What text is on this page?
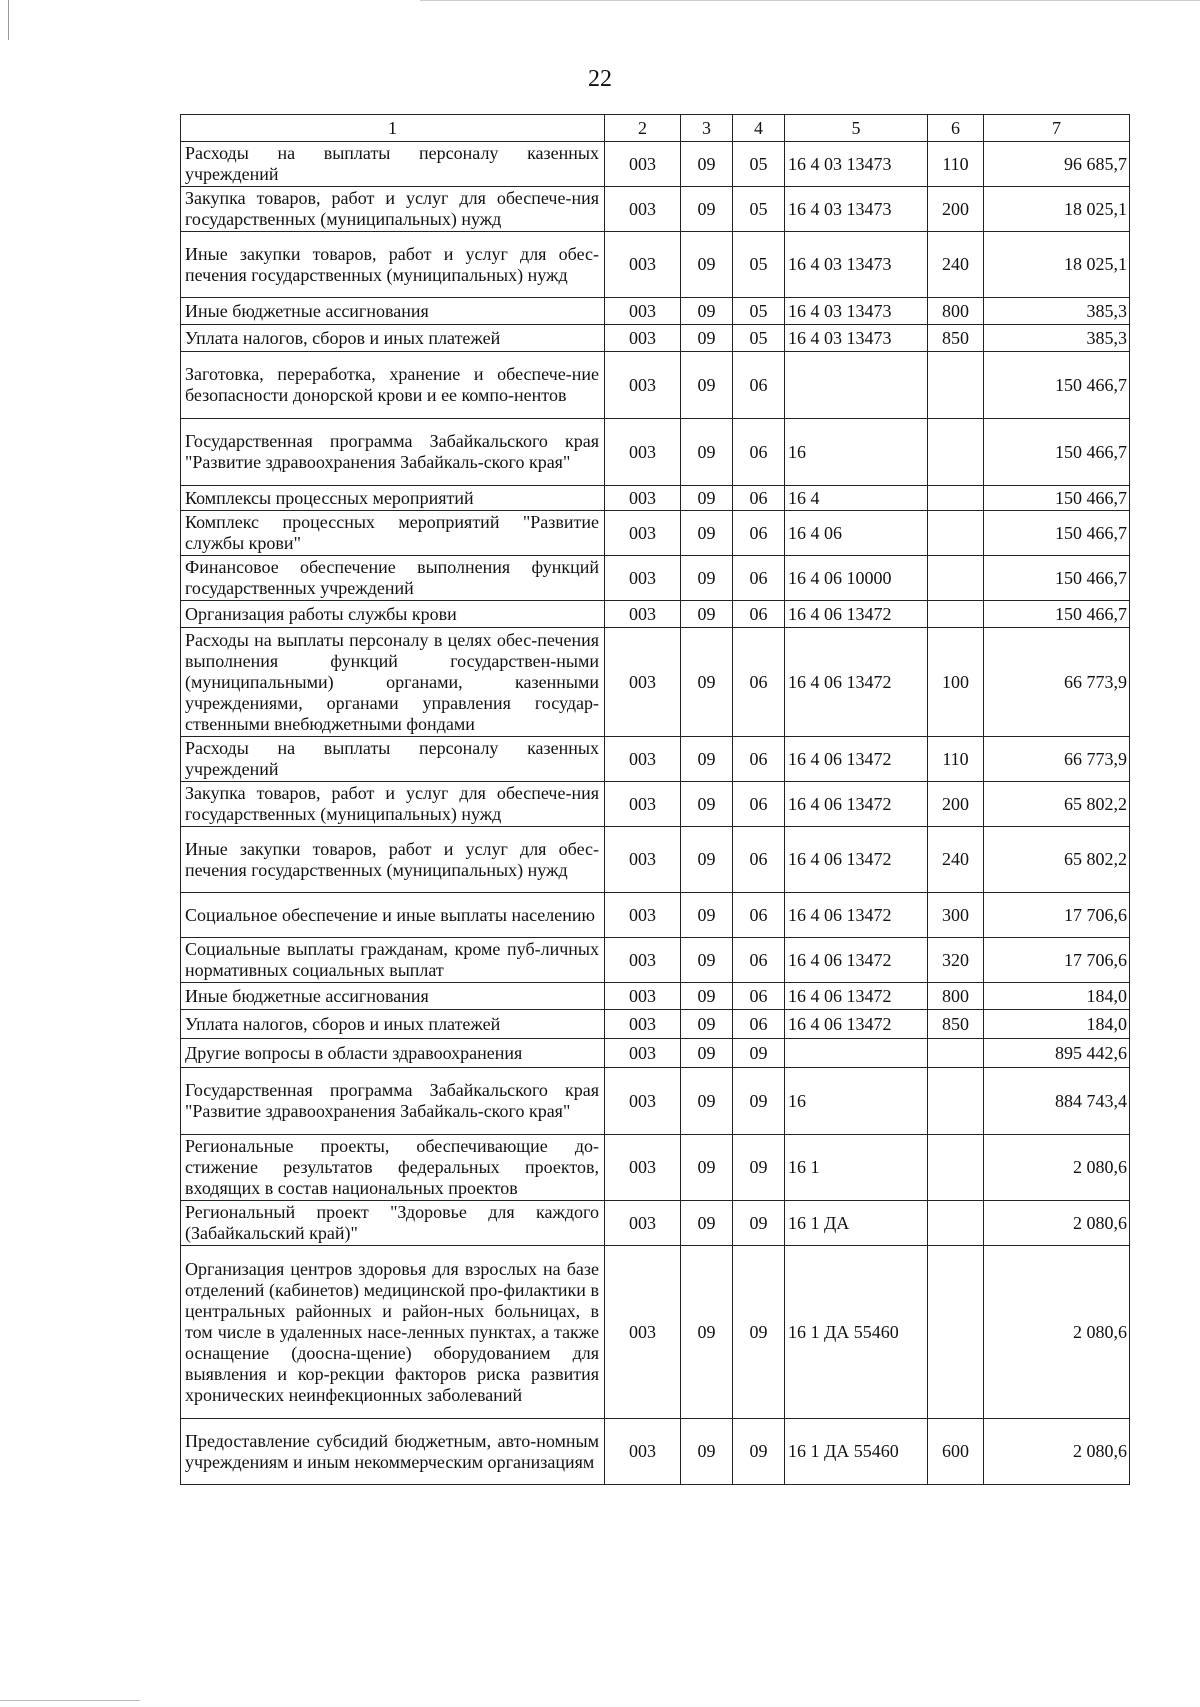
22
1	2	3	4	5	6	7
Расходы на выплаты персоналу казенных учреждений	003	09	05	16 4 03 13473	110	96 685,7
Закупка товаров, работ и услуг для обеспече-ния государственных (муниципальных) нужд	003	09	05	16 4 03 13473	200	18 025,1
Иные закупки товаров, работ и услуг для обес-печения государственных (муниципальных) нужд	003	09	05	16 4 03 13473	240	18 025,1
Иные бюджетные ассигнования	003	09	05	16 4 03 13473	800	385,3
Уплата налогов, сборов и иных платежей	003	09	05	16 4 03 13473	850	385,3
Заготовка, переработка, хранение и обеспече-ние безопасности донорской крови и ее компо-нентов	003	09	06			150 466,7
Государственная программа Забайкальского края "Развитие здравоохранения Забайкаль-ского края"	003	09	06	16		150 466,7
Комплексы процессных мероприятий	003	09	06	16 4		150 466,7
Комплекс процессных мероприятий "Развитие службы крови"	003	09	06	16 4 06		150 466,7
Финансовое обеспечение выполнения функций государственных учреждений	003	09	06	16 4 06 10000		150 466,7
Организация работы службы крови	003	09	06	16 4 06 13472		150 466,7
Расходы на выплаты персоналу в целях обес-печения выполнения функций государствен-ными (муниципальными) органами, казенными учреждениями, органами управления государ-ственными внебюджетными фондами	003	09	06	16 4 06 13472	100	66 773,9
Расходы на выплаты персоналу казенных учреждений	003	09	06	16 4 06 13472	110	66 773,9
Закупка товаров, работ и услуг для обеспече-ния государственных (муниципальных) нужд	003	09	06	16 4 06 13472	200	65 802,2
Иные закупки товаров, работ и услуг для обес-печения государственных (муниципальных) нужд	003	09	06	16 4 06 13472	240	65 802,2
Социальное обеспечение и иные выплаты населению	003	09	06	16 4 06 13472	300	17 706,6
Социальные выплаты гражданам, кроме пуб-личных нормативных социальных выплат	003	09	06	16 4 06 13472	320	17 706,6
Иные бюджетные ассигнования	003	09	06	16 4 06 13472	800	184,0
Уплата налогов, сборов и иных платежей	003	09	06	16 4 06 13472	850	184,0
Другие вопросы в области здравоохранения	003	09	09			895 442,6
Государственная программа Забайкальского края "Развитие здравоохранения Забайкаль-ского края"	003	09	09	16		884 743,4
Региональные проекты, обеспечивающие до-стижение результатов федеральных проектов, входящих в состав национальных проектов	003	09	09	16 1		2 080,6
Региональный проект "Здоровье для каждого (Забайкальский край)"	003	09	09	16 1 ДА		2 080,6
Организация центров здоровья для взрослых на базе отделений (кабинетов) медицинской про-филактики в центральных районных и район-ных больницах, в том числе в удаленных насе-ленных пунктах, а также оснащение (доосна-щение) оборудованием для выявления и кор-рекции факторов риска развития хронических неинфекционных заболеваний	003	09	09	16 1 ДА 55460		2 080,6
Предоставление субсидий бюджетным, авто-номным учреждениям и иным некоммерческим организациям	003	09	09	16 1 ДА 55460	600	2 080,6
